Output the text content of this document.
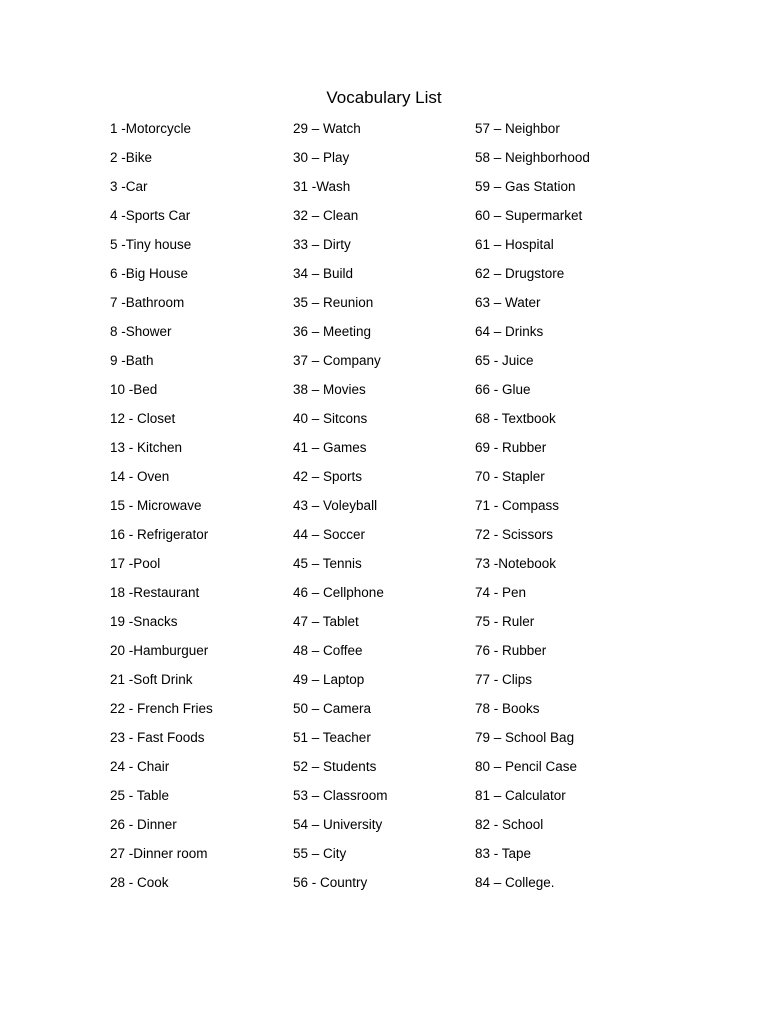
Vocabulary List
1 -Motorcycle
2 -Bike
3 -Car
4 -Sports Car
5 -Tiny house
6 -Big House
7 -Bathroom
8 -Shower
9 -Bath
10 -Bed
12 - Closet
13 - Kitchen
14 - Oven
15 - Microwave
16 - Refrigerator
17 -Pool
18 -Restaurant
19 -Snacks
20 -Hamburguer
21 -Soft Drink
22 - French Fries
23 - Fast Foods
24 - Chair
25 - Table
26 - Dinner
27 -Dinner room
28 - Cook
29 – Watch
30 – Play
31 -Wash
32 – Clean
33 – Dirty
34 – Build
35 – Reunion
36 – Meeting
37 – Company
38 – Movies
40 – Sitcons
41 – Games
42 – Sports
43 – Voleyball
44 – Soccer
45 – Tennis
46 – Cellphone
47 – Tablet
48 – Coffee
49 – Laptop
50 – Camera
51 – Teacher
52 – Students
53 – Classroom
54 – University
55 – City
56 - Country
57 – Neighbor
58 – Neighborhood
59 – Gas Station
60 – Supermarket
61 – Hospital
62 – Drugstore
63 – Water
64 – Drinks
65 - Juice
66 - Glue
68 - Textbook
69 - Rubber
70 - Stapler
71 - Compass
72 - Scissors
73 -Notebook
74 - Pen
75 - Ruler
76 - Rubber
77 - Clips
78 - Books
79 – School Bag
80 – Pencil Case
81 – Calculator
82 - School
83 - Tape
84 – College.
